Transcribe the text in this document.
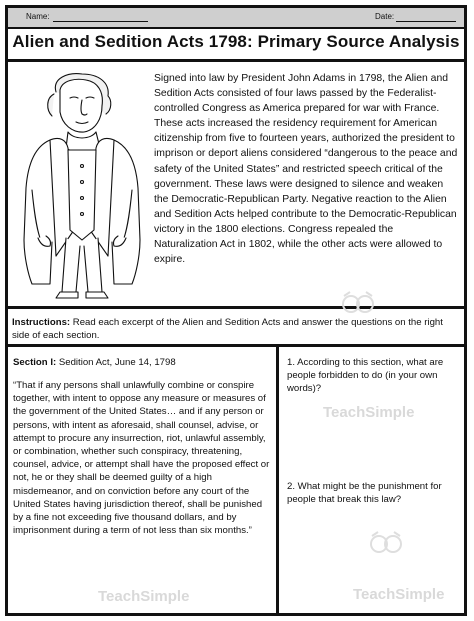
Name:	Date:
Alien and Sedition Acts 1798: Primary Source Analysis

Signed into law by President John Adams in 1798, the Alien and Sedition Acts consisted of four laws passed by the Federalist-controlled Congress as America prepared for war with France. These acts increased the residency requirement for American citizenship from five to fourteen years, authorized the president to imprison or deport aliens considered “dangerous to the peace and safety of the United States” and restricted speech critical of the government. These laws were designed to silence and weaken the Democratic-Republican Party. Negative reaction to the Alien and Sedition Acts helped contribute to the Democratic-Republican victory in the 1800 elections. Congress repealed the Naturalization Act in 1802, while the other acts were allowed to expire.

Instructions: Read each excerpt of the Alien and Sedition Acts and answer the questions on the right side of each section.

Section I: Sedition Act, June 14, 1798

“That if any persons shall unlawfully combine or conspire together, with intent to oppose any measure or measures of the government of the United States… and if any person or persons, with intent as aforesaid, shall counsel, advise, or attempt to procure any insurrection, riot, unlawful assembly, or combination, whether such conspiracy, threatening, counsel, advice, or attempt shall have the proposed effect or not, he or they shall be deemed guilty of a high misdemeanor, and on conviction before any court of the United States having jurisdiction thereof, shall be punished by a fine not exceeding five thousand dollars, and by imprisonment during a term of not less than six months.”

1. According to this section, what are people forbidden to do (in your own words)?

2. What might be the punishment for people that break this law?

TeachSimple
TeachSimple
TeachSimple
